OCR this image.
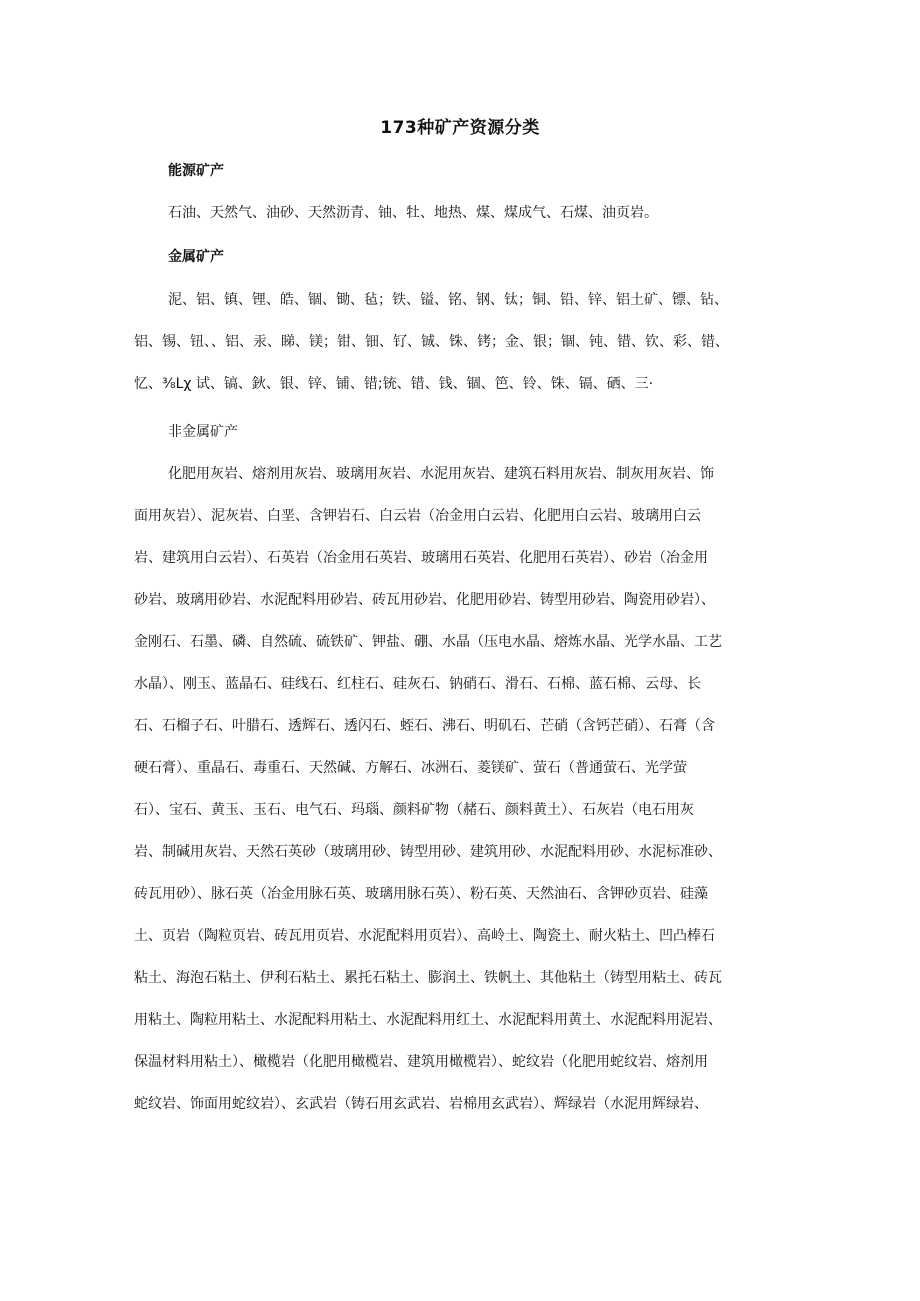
173种矿产资源分类
能源矿产
石油、天然气、油砂、天然沥青、铀、牡、地热、煤、煤成气、石煤、油页岩。
金属矿产
泥、铝、镇、锂、皓、锢、锄、毡；铁、镒、铭、钢、钛；铜、铅、锌、铝土矿、镖、钻、
铝、锡、钮、、铝、汞、睇、镁；钳、钿、钌、铖、铢、铐；金、银；锢、钝、错、钦、彩、错、
忆、⅜Lχ 试、镐、鈥、银、锌、铺、错;铳、错、钱、锢、笆、铃、铢、镉、硒、三·
非金属矿产
化肥用灰岩、熔剂用灰岩、玻璃用灰岩、水泥用灰岩、建筑石料用灰岩、制灰用灰岩、饰
面用灰岩）、泥灰岩、白垩、含钾岩石、白云岩（冶金用白云岩、化肥用白云岩、玻璃用白云
岩、建筑用白云岩）、石英岩（冶金用石英岩、玻璃用石英岩、化肥用石英岩）、砂岩（冶金用
砂岩、玻璃用砂岩、水泥配料用砂岩、砖瓦用砂岩、化肥用砂岩、铸型用砂岩、陶瓷用砂岩）、
金刚石、石墨、磷、自然硫、硫铁矿、钾盐、硼、水晶（压电水晶、熔炼水晶、光学水晶、工艺
水晶）、刚玉、蓝晶石、硅线石、红柱石、硅灰石、钠硝石、滑石、石棉、蓝石棉、云母、长
石、石榴子石、叶腊石、透辉石、透闪石、蛭石、沸石、明矶石、芒硝（含钙芒硝）、石膏（含
硬石膏）、重晶石、毒重石、天然碱、方解石、冰洲石、菱镁矿、萤石（普通萤石、光学萤
石）、宝石、黄玉、玉石、电气石、玛瑙、颜料矿物（赭石、颜料黄土）、石灰岩（电石用灰
岩、制碱用灰岩、天然石英砂（玻璃用砂、铸型用砂、建筑用砂、水泥配料用砂、水泥标准砂、
砖瓦用砂）、脉石英（冶金用脉石英、玻璃用脉石英）、粉石英、天然油石、含钾砂页岩、硅藻
土、页岩（陶粒页岩、砖瓦用页岩、水泥配料用页岩）、高岭土、陶瓷土、耐火粘土、凹凸棒石
粘土、海泡石粘土、伊利石粘土、累托石粘土、膨润土、铁帆土、其他粘土（铸型用粘土、砖瓦
用粘土、陶粒用粘土、水泥配料用粘土、水泥配料用红土、水泥配料用黄土、水泥配料用泥岩、
保温材料用粘土）、橄榄岩（化肥用橄榄岩、建筑用橄榄岩）、蛇纹岩（化肥用蛇纹岩、熔剂用
蛇纹岩、饰面用蛇纹岩）、玄武岩（铸石用玄武岩、岩棉用玄武岩）、辉绿岩（水泥用辉绿岩、
